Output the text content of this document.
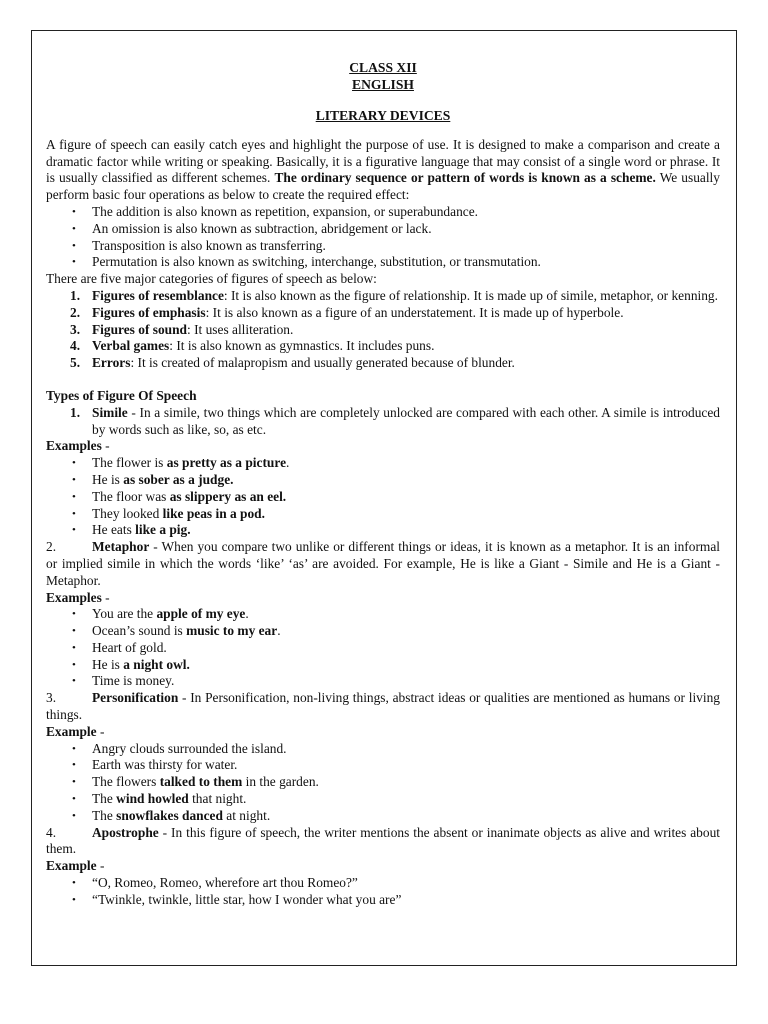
CLASS XII
ENGLISH
LITERARY DEVICES

A figure of speech can easily catch eyes and highlight the purpose of use. It is designed to make a comparison and create a dramatic factor while writing or speaking. Basically, it is a figurative language that may consist of a single word or phrase. It is usually classified as different schemes. The ordinary sequence or pattern of words is known as a scheme. We usually perform basic four operations as below to create the required effect:

• The addition is also known as repetition, expansion, or superabundance.
• An omission is also known as subtraction, abridgement or lack.
• Transposition is also known as transferring.
• Permutation is also known as switching, interchange, substitution, or transmutation.

There are five major categories of figures of speech as below:

1. Figures of resemblance: It is also known as the figure of relationship. It is made up of simile, metaphor, or kenning.
2. Figures of emphasis: It is also known as a figure of an understatement. It is made up of hyperbole.
3. Figures of sound: It uses alliteration.
4. Verbal games: It is also known as gymnastics. It includes puns.
5. Errors: It is created of malapropism and usually generated because of blunder.

Types of Figure Of Speech

1. Simile - In a simile, two things which are completely unlocked are compared with each other. A simile is introduced by words such as like, so, as etc.

Examples -

• The flower is as pretty as a picture.
• He is as sober as a judge.
• The floor was as slippery as an eel.
• They looked like peas in a pod.
• He eats like a pig.

2.	Metaphor - When you compare two unlike or different things or ideas, it is known as a metaphor. It is an informal or implied simile in which the words ‘like’ ‘as’ are avoided. For example, He is like a Giant - Simile and He is a Giant - Metaphor.

Examples -

• You are the apple of my eye.
• Ocean’s sound is music to my ear.
• Heart of gold.
• He is a night owl.
• Time is money.

3.	Personification - In Personification, non-living things, abstract ideas or qualities are mentioned as humans or living things.

Example -

• Angry clouds surrounded the island.
• Earth was thirsty for water.
• The flowers talked to them in the garden.
• The wind howled that night.
• The snowflakes danced at night.

4.	Apostrophe - In this figure of speech, the writer mentions the absent or inanimate objects as alive and writes about them.

Example -

• “O, Romeo, Romeo, wherefore art thou Romeo?”
• “Twinkle, twinkle, little star, how I wonder what you are”
